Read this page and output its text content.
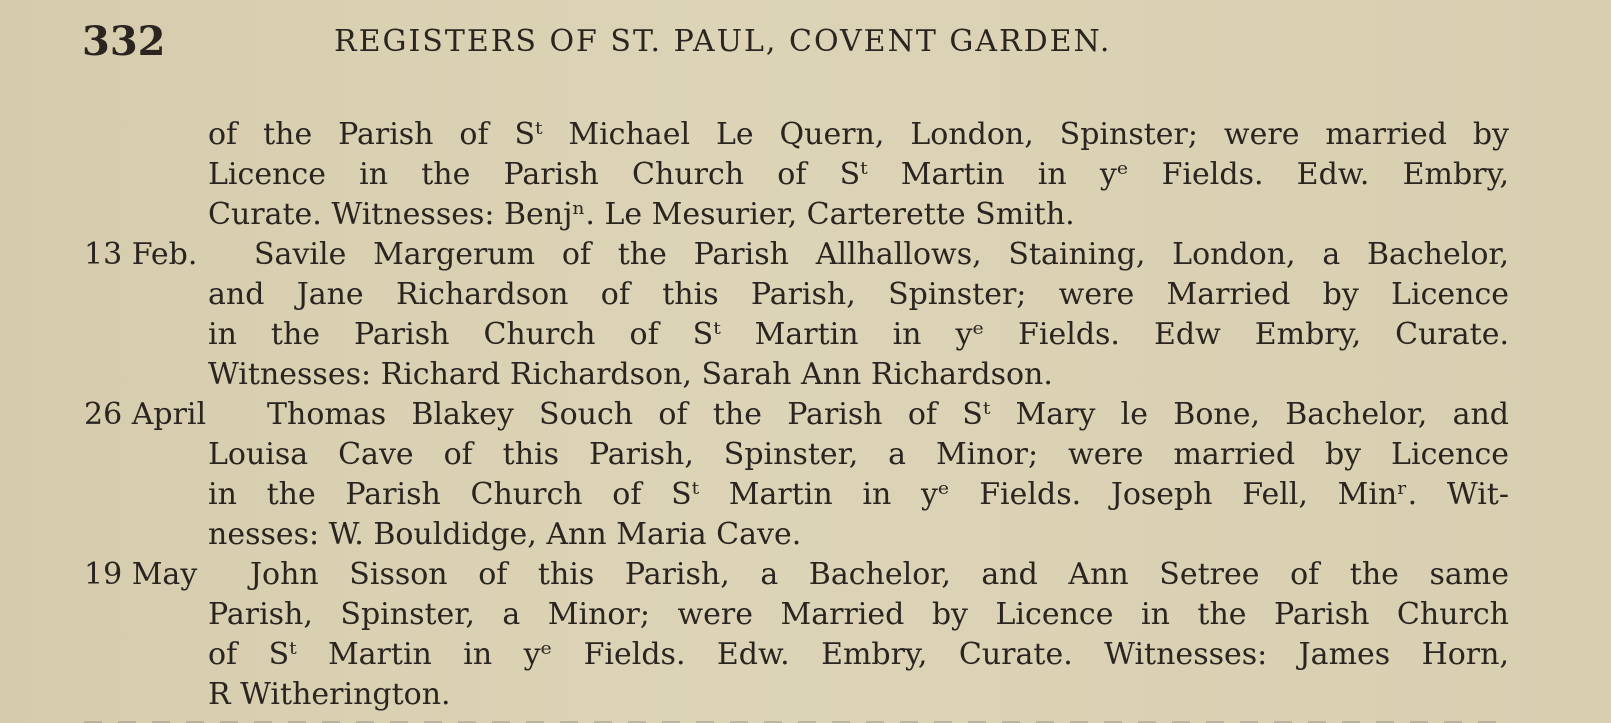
332	REGISTERS OF ST. PAUL, COVENT GARDEN.
of the Parish of Sᵗ Michael Le Quern, London, Spinster; were married by
Licence in the Parish Church of Sᵗ Martin in yᵉ Fields. Edw. Embry,
Curate. Witnesses: Benjⁿ. Le Mesurier, Carterette Smith.
13 Feb.	Savile Margerum of the Parish Allhallows, Staining, London, a Bachelor,
and Jane Richardson of this Parish, Spinster; were Married by Licence
in the Parish Church of Sᵗ Martin in yᵉ Fields. Edw Embry, Curate.
Witnesses: Richard Richardson, Sarah Ann Richardson.
26 April	Thomas Blakey Souch of the Parish of Sᵗ Mary le Bone, Bachelor, and
Louisa Cave of this Parish, Spinster, a Minor; were married by Licence
in the Parish Church of Sᵗ Martin in yᵉ Fields. Joseph Fell, Minʳ. Wit-
nesses: W. Bouldidge, Ann Maria Cave.
19 May	John Sisson of this Parish, a Bachelor, and Ann Setree of the same
Parish, Spinster, a Minor; were Married by Licence in the Parish Church
of Sᵗ Martin in yᵉ Fields. Edw. Embry, Curate. Witnesses: James Horn,
R Witherington.
